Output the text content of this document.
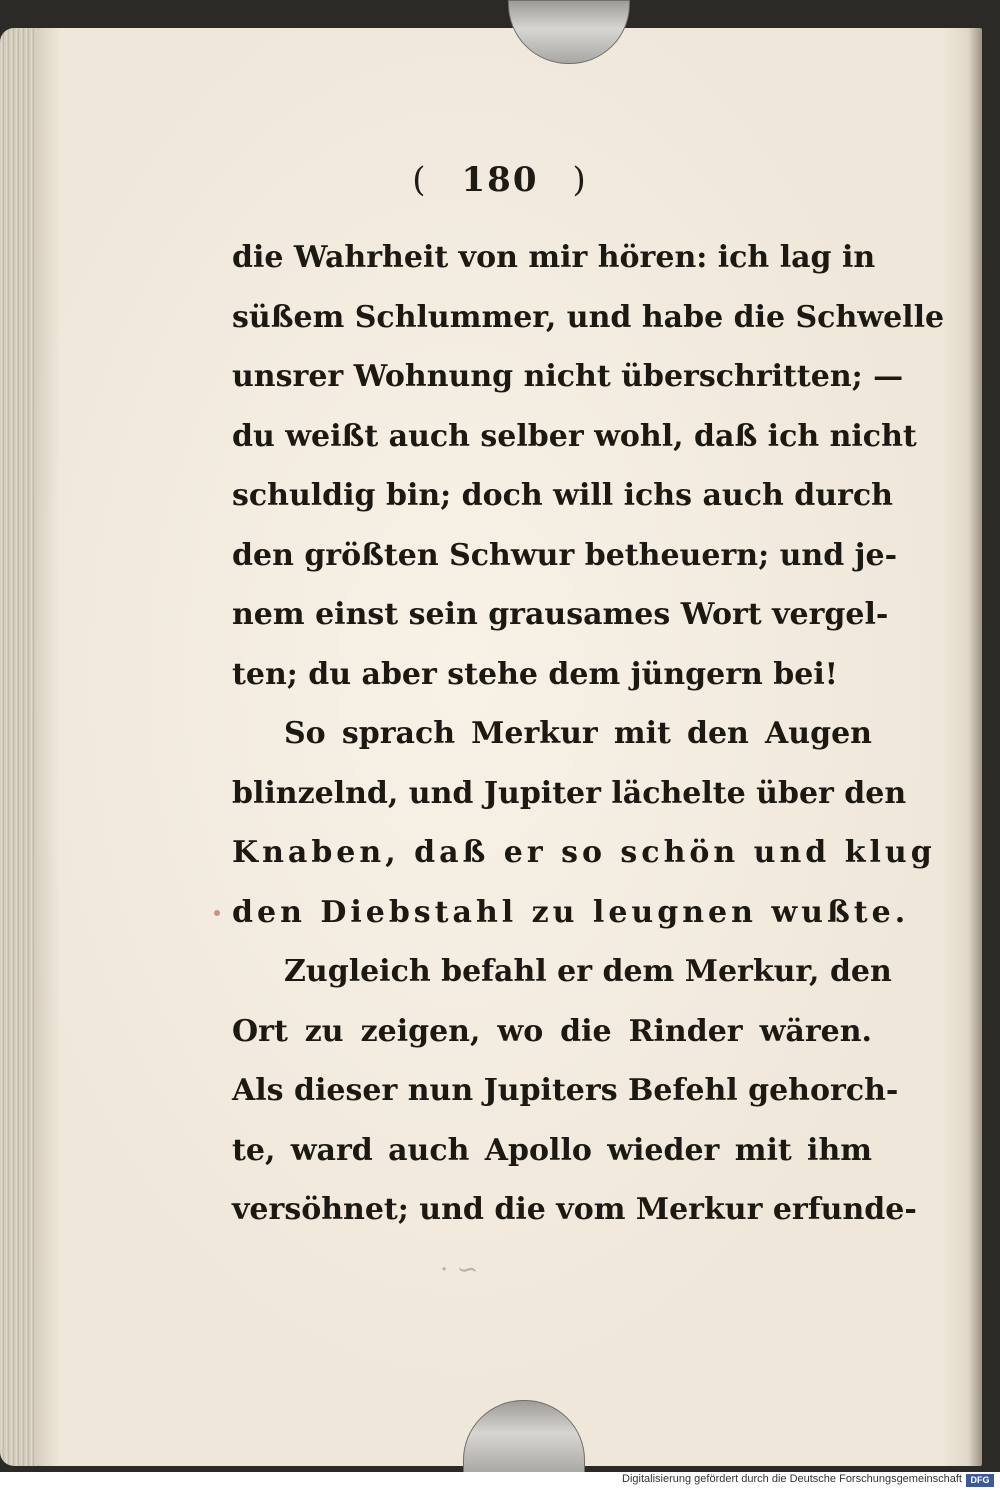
( 180 )
die Wahrheit von mir hören: ich lag in
süßem Schlummer, und habe die Schwelle
unsrer Wohnung nicht überschritten; —
du weißt auch selber wohl, daß ich nicht
schuldig bin; doch will ichs auch durch
den größten Schwur betheuern; und je-
nem einst sein grausames Wort vergel-
ten; du aber stehe dem jüngern bei!
So sprach Merkur mit den Augen
blinzelnd, und Jupiter lächelte über den
Knaben, daß er so schön und klug
den Diebstahl zu leugnen wußte.
Zugleich befahl er dem Merkur, den
Ort zu zeigen, wo die Rinder wären.
Als dieser nun Jupiters Befehl gehorch-
te, ward auch Apollo wieder mit ihm
versöhnet; und die vom Merkur erfunde-
· ∽
Digitalisierung gefördert durch die Deutsche Forschungsgemeinschaft DFG
